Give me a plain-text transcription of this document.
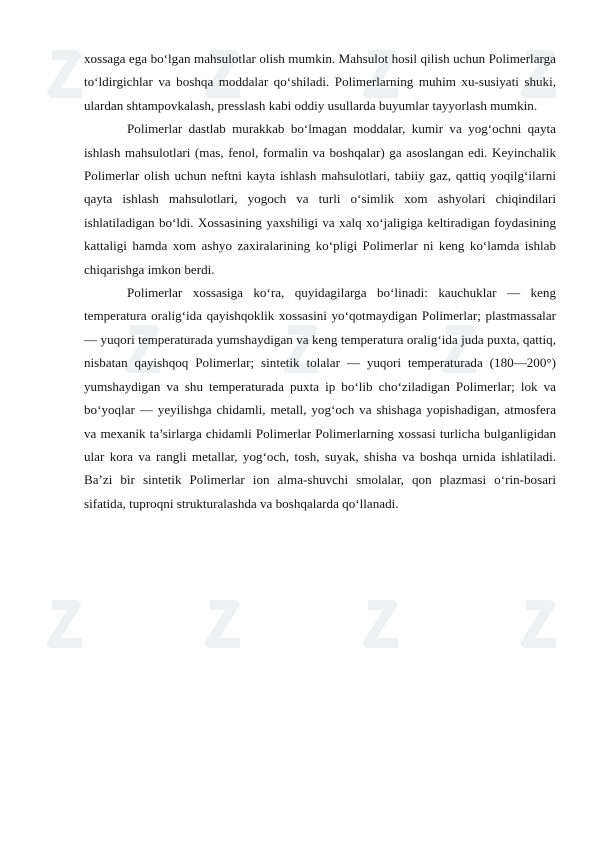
xossaga ega bo‘lgan mahsulotlar olish mumkin. Mahsulot hosil qilish uchun Polimerlarga to‘ldirgichlar va boshqa moddalar qo‘shiladi. Polimerlarning muhim xu-susiyati shuki, ulardan shtampovkalash, presslash kabi oddiy usullarda buyumlar tayyorlash mumkin.

Polimerlar dastlab murakkab bo‘lmagan moddalar, kumir va yog‘ochni qayta ishlash mahsulotlari (mas, fenol, formalin va boshqalar) ga asoslangan edi. Keyinchalik Polimerlar olish uchun neftni kayta ishlash mahsulotlari, tabiiy gaz, qattiq yoqilg‘ilarni qayta ishlash mahsulotlari, yogoch va turli o‘simlik xom ashyolari chiqindilari ishlatiladigan bo‘ldi. Xossasining yaxshiligi va xalq xo‘jaligiga keltiradigan foydasining kattaligi hamda xom ashyo zaxiralarining ko‘pligi Polimerlar ni keng ko‘lamda ishlab chiqarishga imkon berdi.

Polimerlar xossasiga ko‘ra, quyidagilarga bo‘linadi: kauchuklar — keng temperatura oralig‘ida qayishqoklik xossasini yo‘qotmaydigan Polimerlar; plastmassalar — yuqori temperaturada yumshaydigan va keng temperatura oralig‘ida juda puxta, qattiq, nisbatan qayishqoq Polimerlar; sintetik tolalar — yuqori temperaturada (180—200°) yumshaydigan va shu temperaturada puxta ip bo‘lib cho‘ziladigan Polimerlar; lok va bo‘yoqlar — yeyilishga chidamli, metall, yog‘och va shishaga yopishadigan, atmosfera va mexanik ta’sirlarga chidamli Polimerlar Polimerlarning xossasi turlicha bulganligidan ular kora va rangli metallar, yog‘och, tosh, suyak, shisha va boshqa urnida ishlatiladi. Ba’zi bir sintetik Polimerlar ion alma-shuvchi smolalar, qon plazmasi o‘rin-bosari sifatida, tuproqni strukturalashda va boshqalarda qo‘llanadi.
